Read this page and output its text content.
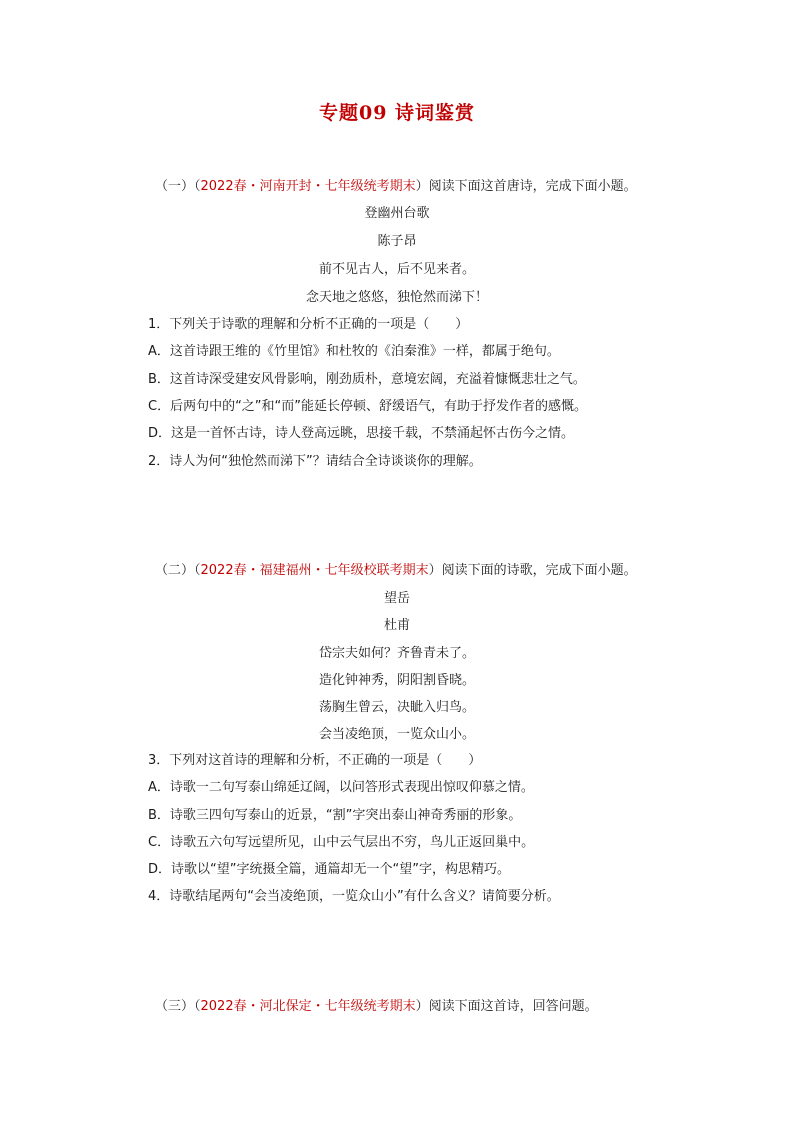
专题09 诗词鉴赏
（一）（2022春・河南开封・七年级统考期末）阅读下面这首唐诗，完成下面小题。
登幽州台歌
陈子昂
前不见古人，后不见来者。
念天地之悠悠，独怆然而涕下！
1．下列关于诗歌的理解和分析不正确的一项是（　　）
A．这首诗跟王维的《竹里馆》和杜牧的《泊秦淮》一样，都属于绝句。
B．这首诗深受建安风骨影响，刚劲质朴，意境宏阔，充溢着慷慨悲壮之气。
C．后两句中的“之”和“而”能延长停顿、舒缓语气，有助于抒发作者的感慨。
D．这是一首怀古诗，诗人登高远眺，思接千载，不禁涌起怀古伤今之情。
2．诗人为何“独怆然而涕下”？请结合全诗谈谈你的理解。
（二）（2022春・福建福州・七年级校联考期末）阅读下面的诗歌，完成下面小题。
望岳
杜甫
岱宗夫如何？齐鲁青未了。
造化钟神秀，阴阳割昏晓。
荡胸生曾云，决眦入归鸟。
会当凌绝顶，一览众山小。
3．下列对这首诗的理解和分析，不正确的一项是（　　）
A．诗歌一二句写泰山绵延辽阔，以问答形式表现出惊叹仰慕之情。
B．诗歌三四句写泰山的近景，“割”字突出泰山神奇秀丽的形象。
C．诗歌五六句写远望所见，山中云气层出不穷，鸟儿正返回巢中。
D．诗歌以“望”字统摄全篇，通篇却无一个“望”字，构思精巧。
4．诗歌结尾两句“会当凌绝顶，一览众山小”有什么含义？请简要分析。
（三）（2022春・河北保定・七年级统考期末）阅读下面这首诗，回答问题。
